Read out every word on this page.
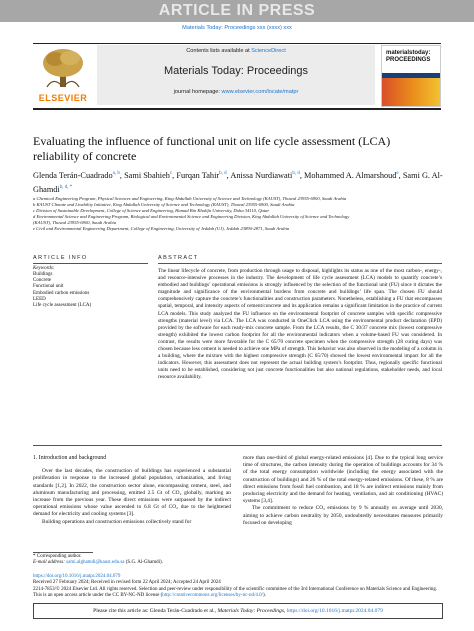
ARTICLE IN PRESS
Materials Today: Proceedings xxx (xxxx) xxx
ELSEVIER
Contents lists available at ScienceDirect
Materials Today: Proceedings
journal homepage: www.elsevier.com/locate/matpr
materialstoday: PROCEEDINGS
Evaluating the influence of functional unit on life cycle assessment (LCA) reliability of concrete
Glenda Terán-Cuadrado$^{a, b}$, Sami Sbahieh$^c$, Furqan Tahir$^{b, d}$, Anissa Nurdiawati$^{b, d}$, Mohammed A. Almarshoud$^e$, Sami G. Al-Ghamdi$^{b, d, *}$
a Chemical Engineering Program, Physical Sciences and Engineering, King Abdullah University of Science and Technology (KAUST), Thuwal 23955-6900, Saudi Arabia
b KAUST Climate and Livability Initiative, King Abdullah University of Science and Technology (KAUST), Thuwal 23955-6900, Saudi Arabia
c Division of Sustainable Development, College of Science and Engineering, Hamad Bin Khalifa University, Doha 34110, Qatar
d Environmental Science and Engineering Program, Biological and Environmental Science and Engineering Division, King Abdullah University of Science and Technology
(KAUST), Thuwal 23955-6900, Saudi Arabia
e Civil and Environmental Engineering Department, College of Engineering, University of Jeddah (UJ), Jeddah 23890-2871, Saudi Arabia
ARTICLE INFO	ABSTRACT
Keywords:
Buildings
Concrete
Functional unit
Embodied carbon emissions
LEED
Life cycle assessment (LCA)
The linear lifecycle of concrete, from production through usage to disposal, highlights its status as one of the most carbon-, energy-, and resource-intensive processes in the industry. The development of life cycle assessment (LCA) models to quantify concrete’s embodied and buildings’ operational emissions is strongly influenced by the selection of the functional unit (FU) since it dictates the magnitude and significance of the environmental burdens from concrete and buildings’ life span. The chosen FU should comprehensively capture the concrete’s functionalities and construction parameters. Nonetheless, establishing a FU that encompasses spatial, temporal, and intensity aspects of cement/concrete and its application remains a significant limitation in the practice of current LCA models. This study analyzed the FU influence on the environmental footprint of concrete samples with specific compressive strengths (material level) via LCA. The LCA was conducted in OneClick LCA using the environmental product declaration (EPD) provided by the software for each ready-mix concrete sample. From the LCA results, the C 30/37 concrete mix (lowest compressive strength) exhibited the lowest carbon footprint for all the environmental indicators when a volume-based FU was considered. In contrast, the results were more favorable for the C 65/70 concrete specimen when the compressive strength (28 curing days) was chosen because less cement is needed to achieve one MPa of strength. This behavior was also observed in the modeling of a column in a building, where the mixture with the highest compressive strength (C 65/70) showed the lowest environmental impact for all the indicators. However, this assessment does not represent the actual building system’s footprint. Thus, regionally specific functional units need to be established, considering not just concrete functionalities but also national regulations, stakeholder needs, and local resource availability.
1. Introduction and background

Over the last decades, the construction of buildings has experienced a substantial proliferation in response to the increased global population, urbanization, and living standards [1,2]. In 2022, the construction sector alone, encompassing cement, steel, and aluminum manufacturing and processing, emitted 2.5 Gt of CO₂ globally, marking an increase from the previous year. These direct emissions were surpassed by the indirect operational emissions whose value ascended to 6.8 Gt of CO₂ due to the heightened demand for electricity and cooling systems [3].

Building operations and construction emissions collectively stand for

more than one-third of global energy-related emissions [4]. Due to the typical long service time of structures, the carbon intensity during the operation of buildings accounts for 34 % of the total energy consumption worldwide (including the energy associated with the construction of buildings) and 26 % of the total energy-related emissions. Of these, 8 % are direct emissions from fossil fuel combustion, and 18 % are indirect emissions mainly from producing electricity and the demand for heating, ventilation, and air conditioning (HVAC) systems [3,4].

The commitment to reduce CO₂ emissions by 9 % annually on average until 2030, aiming to achieve carbon neutrality by 2050, undoubtedly necessitates measures primarily focused on developing

* Corresponding author.
E-mail address: sami.alghamdi@kaust.edu.sa (S.G. Al-Ghamdi).
https://doi.org/10.1016/j.matpr.2024.04.079
Received 27 February 2024; Received in revised form 22 April 2024; Accepted 24 April 2024
2214-7853/© 2024 Elsevier Ltd. All rights reserved. Selection and peer-review under responsibility of the scientific committee of the 3rd International Conference on Materials Science and Engineering. This is an open access article under the CC BY-NC-ND license (http://creativecommons.org/licenses/by-nc-nd/4.0/).
Please cite this article as: Glenda Terán-Cuadrado et al., Materials Today: Proceedings, https://doi.org/10.1016/j.matpr.2024.04.079
